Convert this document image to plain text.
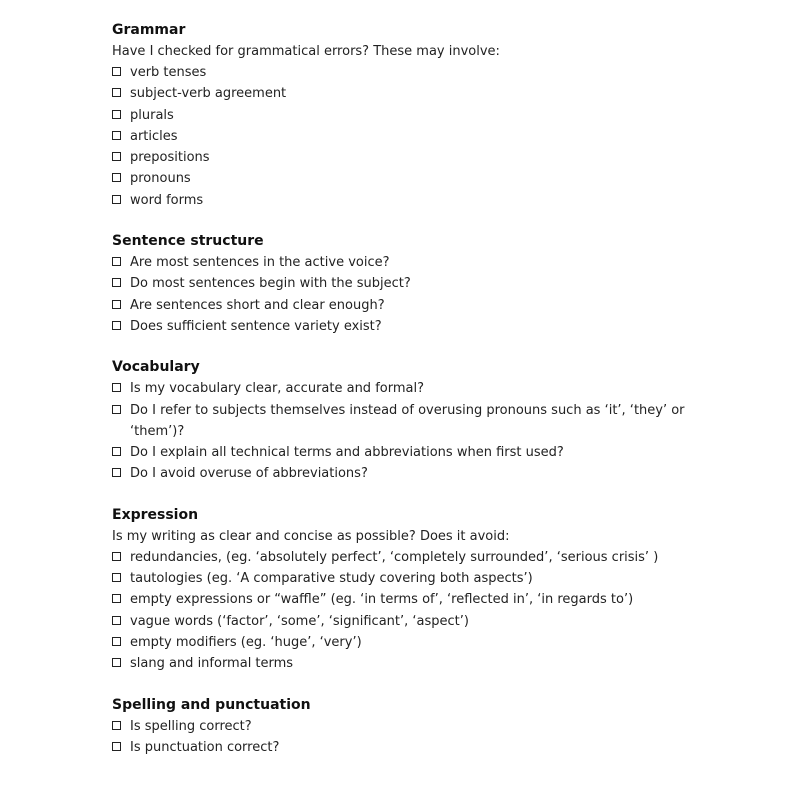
Grammar

Have I checked for grammatical errors? These may involve:

verb tenses
subject-verb agreement
plurals
articles
prepositions
pronouns
word forms
Sentence structure
Are most sentences in the active voice?
Do most sentences begin with the subject?
Are sentences short and clear enough?
Does sufficient sentence variety exist?
Vocabulary
Is my vocabulary clear, accurate and formal?
Do I refer to subjects themselves instead of overusing pronouns such as ‘it’, ‘they’ or ‘them’)?
Do I explain all technical terms and abbreviations when first used?
Do I avoid overuse of abbreviations?
Expression

Is my writing as clear and concise as possible? Does it avoid:

redundancies, (eg. ‘absolutely perfect’, ‘completely surrounded’, ‘serious crisis’ )
tautologies (eg. ‘A comparative study covering both aspects’)
empty expressions or “waffle” (eg. ‘in terms of’, ‘reflected in’, ‘in regards to’)
vague words (‘factor’, ‘some’, ‘significant’, ‘aspect’)
empty modifiers (eg. ‘huge’, ‘very’)
slang and informal terms
Spelling and punctuation
Is spelling correct?
Is punctuation correct?
